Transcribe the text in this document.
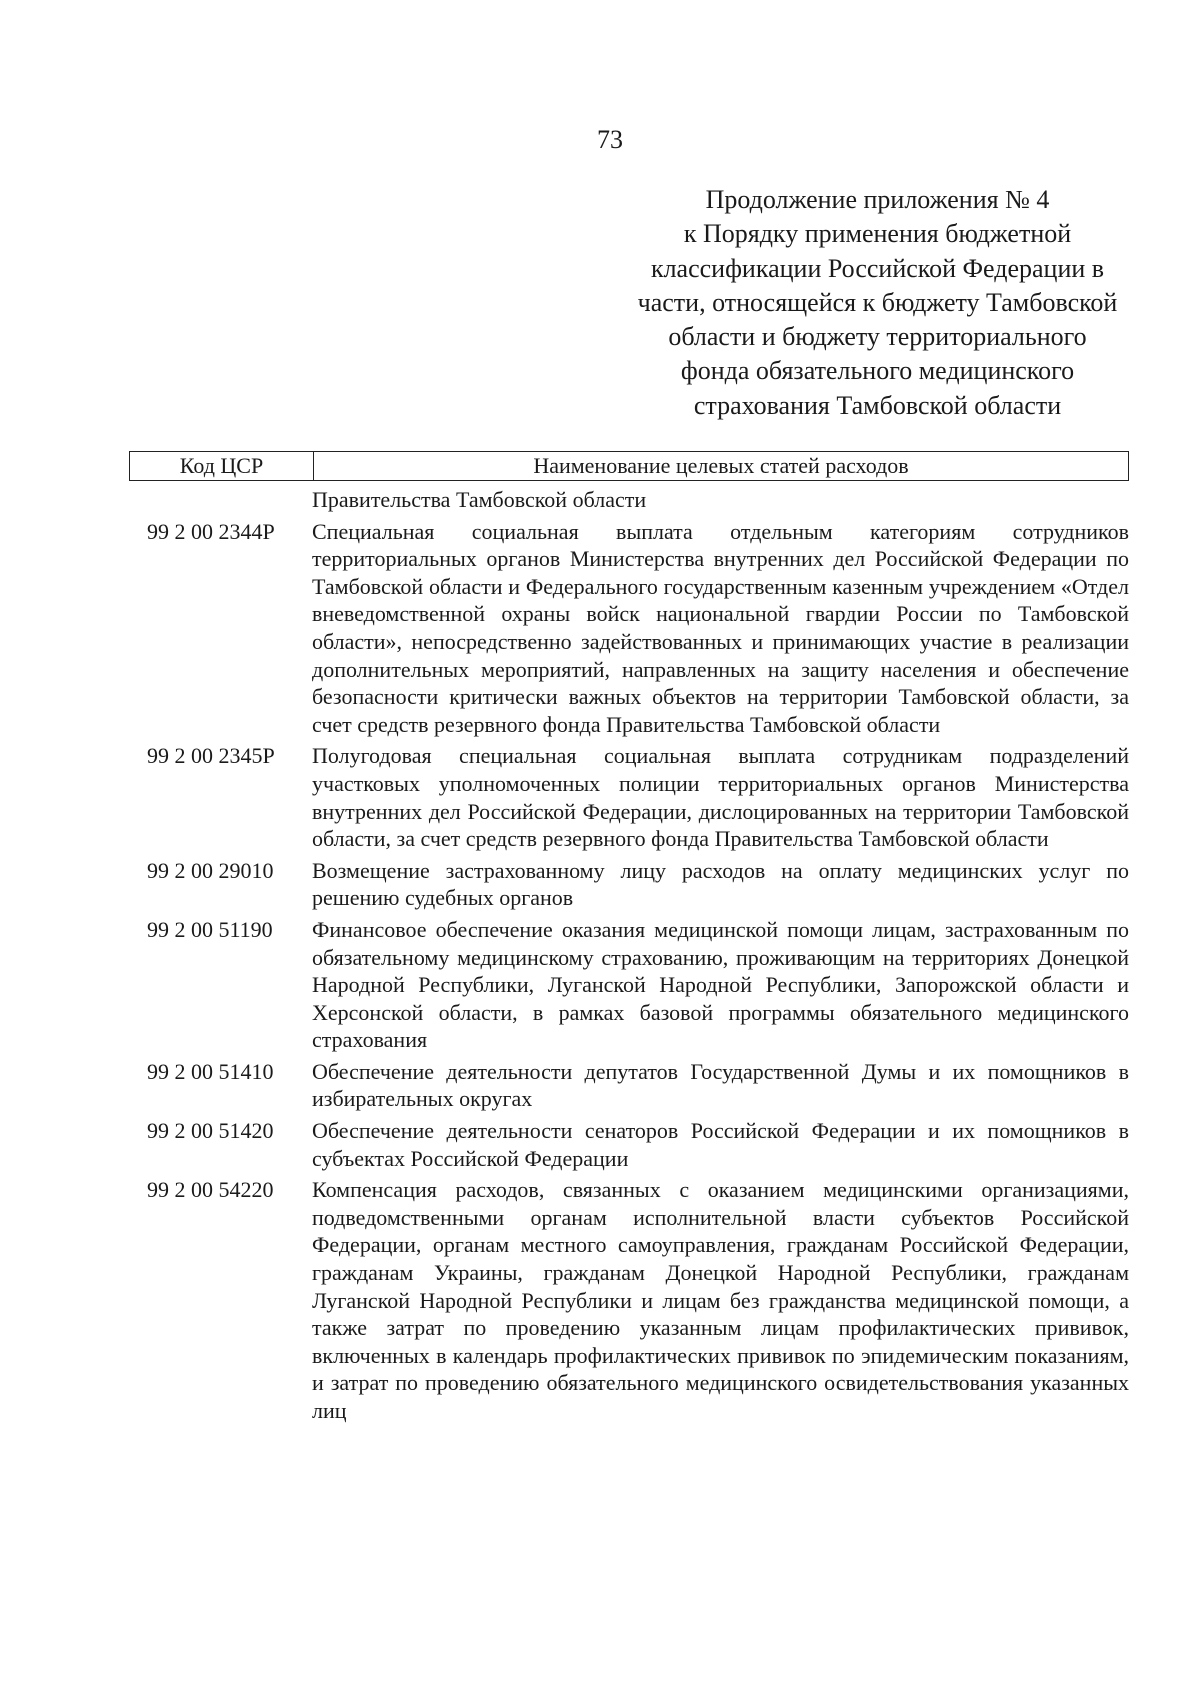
73
Продолжение приложения № 4
к Порядку применения бюджетной
классификации Российской Федерации в
части, относящейся к бюджету Тамбовской
области и бюджету территориального
фонда обязательного медицинского
страхования Тамбовской области
Код ЦСР	Наименование целевых статей расходов
Правительства Тамбовской области
99 2 00 2344Р	Специальная социальная выплата отдельным категориям сотрудников территориальных органов Министерства внутренних дел Российской Федерации по Тамбовской области и Федерального государственным казенным учреждением «Отдел вневедомственной охраны войск национальной гвардии России по Тамбовской области», непосредственно задействованных и принимающих участие в реализации дополнительных мероприятий, направленных на защиту населения и обеспечение безопасности критически важных объектов на территории Тамбовской области, за счет средств резервного фонда Правительства Тамбовской области
99 2 00 2345Р	Полугодовая специальная социальная выплата сотрудникам подразделений участковых уполномоченных полиции территориальных органов Министерства внутренних дел Российской Федерации, дислоцированных на территории Тамбовской области, за счет средств резервного фонда Правительства Тамбовской области
99 2 00 29010	Возмещение застрахованному лицу расходов на оплату медицинских услуг по решению судебных органов
99 2 00 51190	Финансовое обеспечение оказания медицинской помощи лицам, застрахованным по обязательному медицинскому страхованию, проживающим на территориях Донецкой Народной Республики, Луганской Народной Республики, Запорожской области и Херсонской области, в рамках базовой программы обязательного медицинского страхования
99 2 00 51410	Обеспечение деятельности депутатов Государственной Думы и их помощников в избирательных округах
99 2 00 51420	Обеспечение деятельности сенаторов Российской Федерации и их помощников в субъектах Российской Федерации
99 2 00 54220	Компенсация расходов, связанных с оказанием медицинскими организациями, подведомственными органам исполнительной власти субъектов Российской Федерации, органам местного самоуправления, гражданам Российской Федерации, гражданам Украины, гражданам Донецкой Народной Республики, гражданам Луганской Народной Республики и лицам без гражданства медицинской помощи, а также затрат по проведению указанным лицам профилактических прививок, включенных в календарь профилактических прививок по эпидемическим показаниям, и затрат по проведению обязательного медицинского освидетельствования указанных лиц
